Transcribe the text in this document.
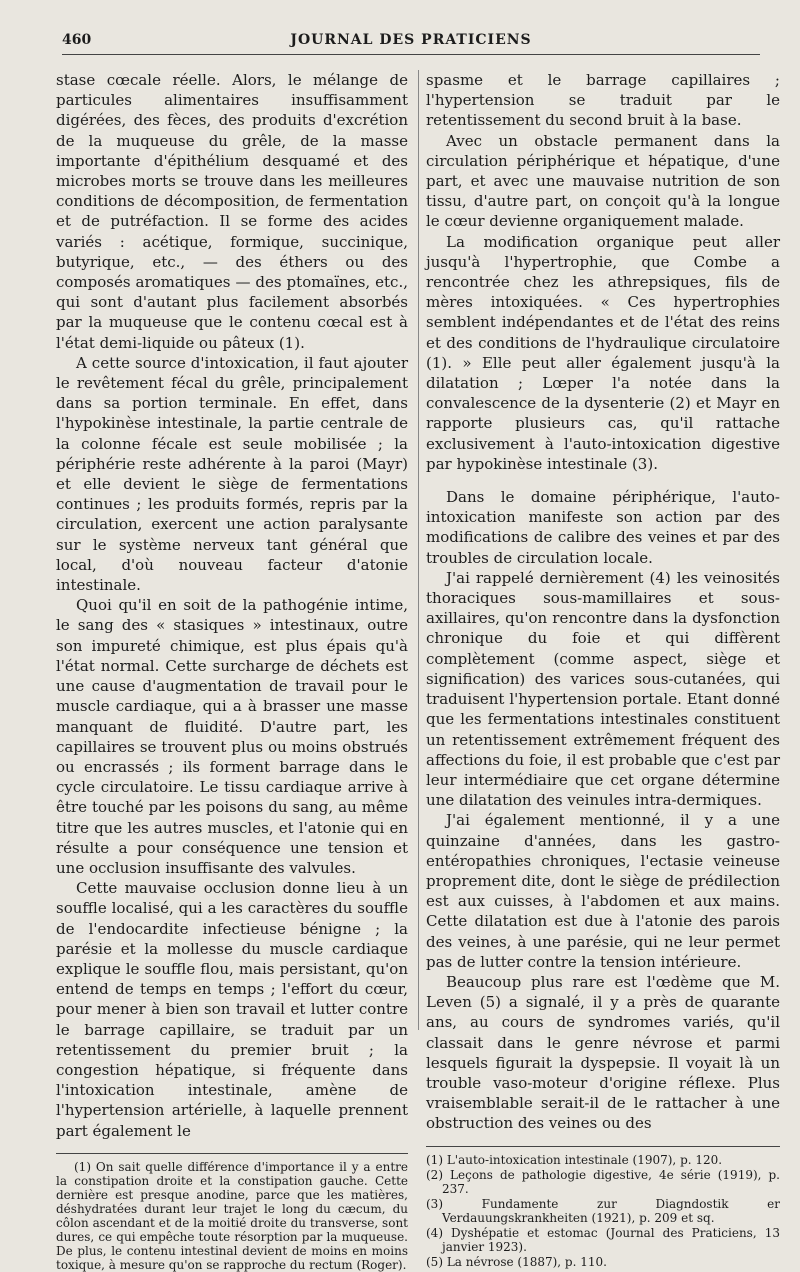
460	JOURNAL DES PRATICIENS

stase cœcale réelle. Alors, le mélange de particules alimentaires insuffisamment digérées, des fèces, des produits d'excrétion de la muqueuse du grêle, de la masse importante d'épithélium desquamé et des microbes morts se trouve dans les meilleures conditions de décomposition, de fermentation et de putréfaction. Il se forme des acides variés : acétique, formique, succinique, butyrique, etc., — des éthers ou des composés aromatiques — des ptomaïnes, etc., qui sont d'autant plus facilement absorbés par la muqueuse que le contenu cœcal est à l'état demi-liquide ou pâteux (1).

A cette source d'intoxication, il faut ajouter le revêtement fécal du grêle, principalement dans sa portion terminale. En effet, dans l'hypokinèse intestinale, la partie centrale de la colonne fécale est seule mobilisée ; la périphérie reste adhérente à la paroi (Mayr) et elle devient le siège de fermentations continues ; les produits formés, repris par la circulation, exercent une action paralysante sur le système nerveux tant général que local, d'où nouveau facteur d'atonie intestinale.

Quoi qu'il en soit de la pathogénie intime, le sang des « stasiques » intestinaux, outre son impureté chimique, est plus épais qu'à l'état normal. Cette surcharge de déchets est une cause d'augmentation de travail pour le muscle cardiaque, qui a à brasser une masse manquant de fluidité. D'autre part, les capillaires se trouvent plus ou moins obstrués ou encrassés ; ils forment barrage dans le cycle circulatoire. Le tissu cardiaque arrive à être touché par les poisons du sang, au même titre que les autres muscles, et l'atonie qui en résulte a pour conséquence une tension et une occlusion insuffisante des valvules.

Cette mauvaise occlusion donne lieu à un souffle localisé, qui a les caractères du souffle de l'endocardite infectieuse bénigne ; la parésie et la mollesse du muscle cardiaque explique le souffle flou, mais persistant, qu'on entend de temps en temps ; l'effort du cœur, pour mener à bien son travail et lutter contre le barrage capillaire, se traduit par un retentissement du premier bruit ; la congestion hépatique, si fréquente dans l'intoxication intestinale, amène de l'hypertension artérielle, à laquelle prennent part également le

(1) On sait quelle différence d'importance il y a entre la constipation droite et la constipation gauche. Cette dernière est presque anodine, parce que les matières, déshydratées durant leur trajet le long du cæcum, du côlon ascendant et de la moitié droite du transverse, sont dures, ce qui empêche toute résorption par la muqueuse. De plus, le contenu intestinal devient de moins en moins toxique, à mesure qu'on se rapproche du rectum (Roger).

spasme et le barrage capillaires ; l'hypertension se traduit par le retentissement du second bruit à la base.

Avec un obstacle permanent dans la circulation périphérique et hépatique, d'une part, et avec une mauvaise nutrition de son tissu, d'autre part, on conçoit qu'à la longue le cœur devienne organiquement malade.

La modification organique peut aller jusqu'à l'hypertrophie, que Combe a rencontrée chez les athrepsiques, fils de mères intoxiquées. « Ces hypertrophies semblent indépendantes et de l'état des reins et des conditions de l'hydraulique circulatoire (1). » Elle peut aller également jusqu'à la dilatation ; Lœper l'a notée dans la convalescence de la dysenterie (2) et Mayr en rapporte plusieurs cas, qu'il rattache exclusivement à l'auto-intoxication digestive par hypokinèse intestinale (3).

Dans le domaine périphérique, l'auto-intoxication manifeste son action par des modifications de calibre des veines et par des troubles de circulation locale.

J'ai rappelé dernièrement (4) les veinosités thoraciques sous-mamillaires et sous-axillaires, qu'on rencontre dans la dysfonction chronique du foie et qui diffèrent complètement (comme aspect, siège et signification) des varices sous-cutanées, qui traduisent l'hypertension portale. Etant donné que les fermentations intestinales constituent un retentissement extrêmement fréquent des affections du foie, il est probable que c'est par leur intermédiaire que cet organe détermine une dilatation des veinules intra-dermiques.

J'ai également mentionné, il y a une quinzaine d'années, dans les gastro-entéropathies chroniques, l'ectasie veineuse proprement dite, dont le siège de prédilection est aux cuisses, à l'abdomen et aux mains. Cette dilatation est due à l'atonie des parois des veines, à une parésie, qui ne leur permet pas de lutter contre la tension intérieure.

Beaucoup plus rare est l'œdème que M. Leven (5) a signalé, il y a près de quarante ans, au cours de syndromes variés, qu'il classait dans le genre névrose et parmi lesquels figurait la dyspepsie. Il voyait là un trouble vaso-moteur d'origine réflexe. Plus vraisemblable serait-il de le rattacher à une obstruction des veines ou des

(1) L'auto-intoxication intestinale (1907), p. 120.

(2) Leçons de pathologie digestive, 4e série (1919), p. 237.

(3) Fundamente zur Diagndostik er Verdauungskrankheiten (1921), p. 209 et sq.

(4) Dyshépatie et estomac (Journal des Praticiens, 13 janvier 1923).

(5) La névrose (1887), p. 110.
